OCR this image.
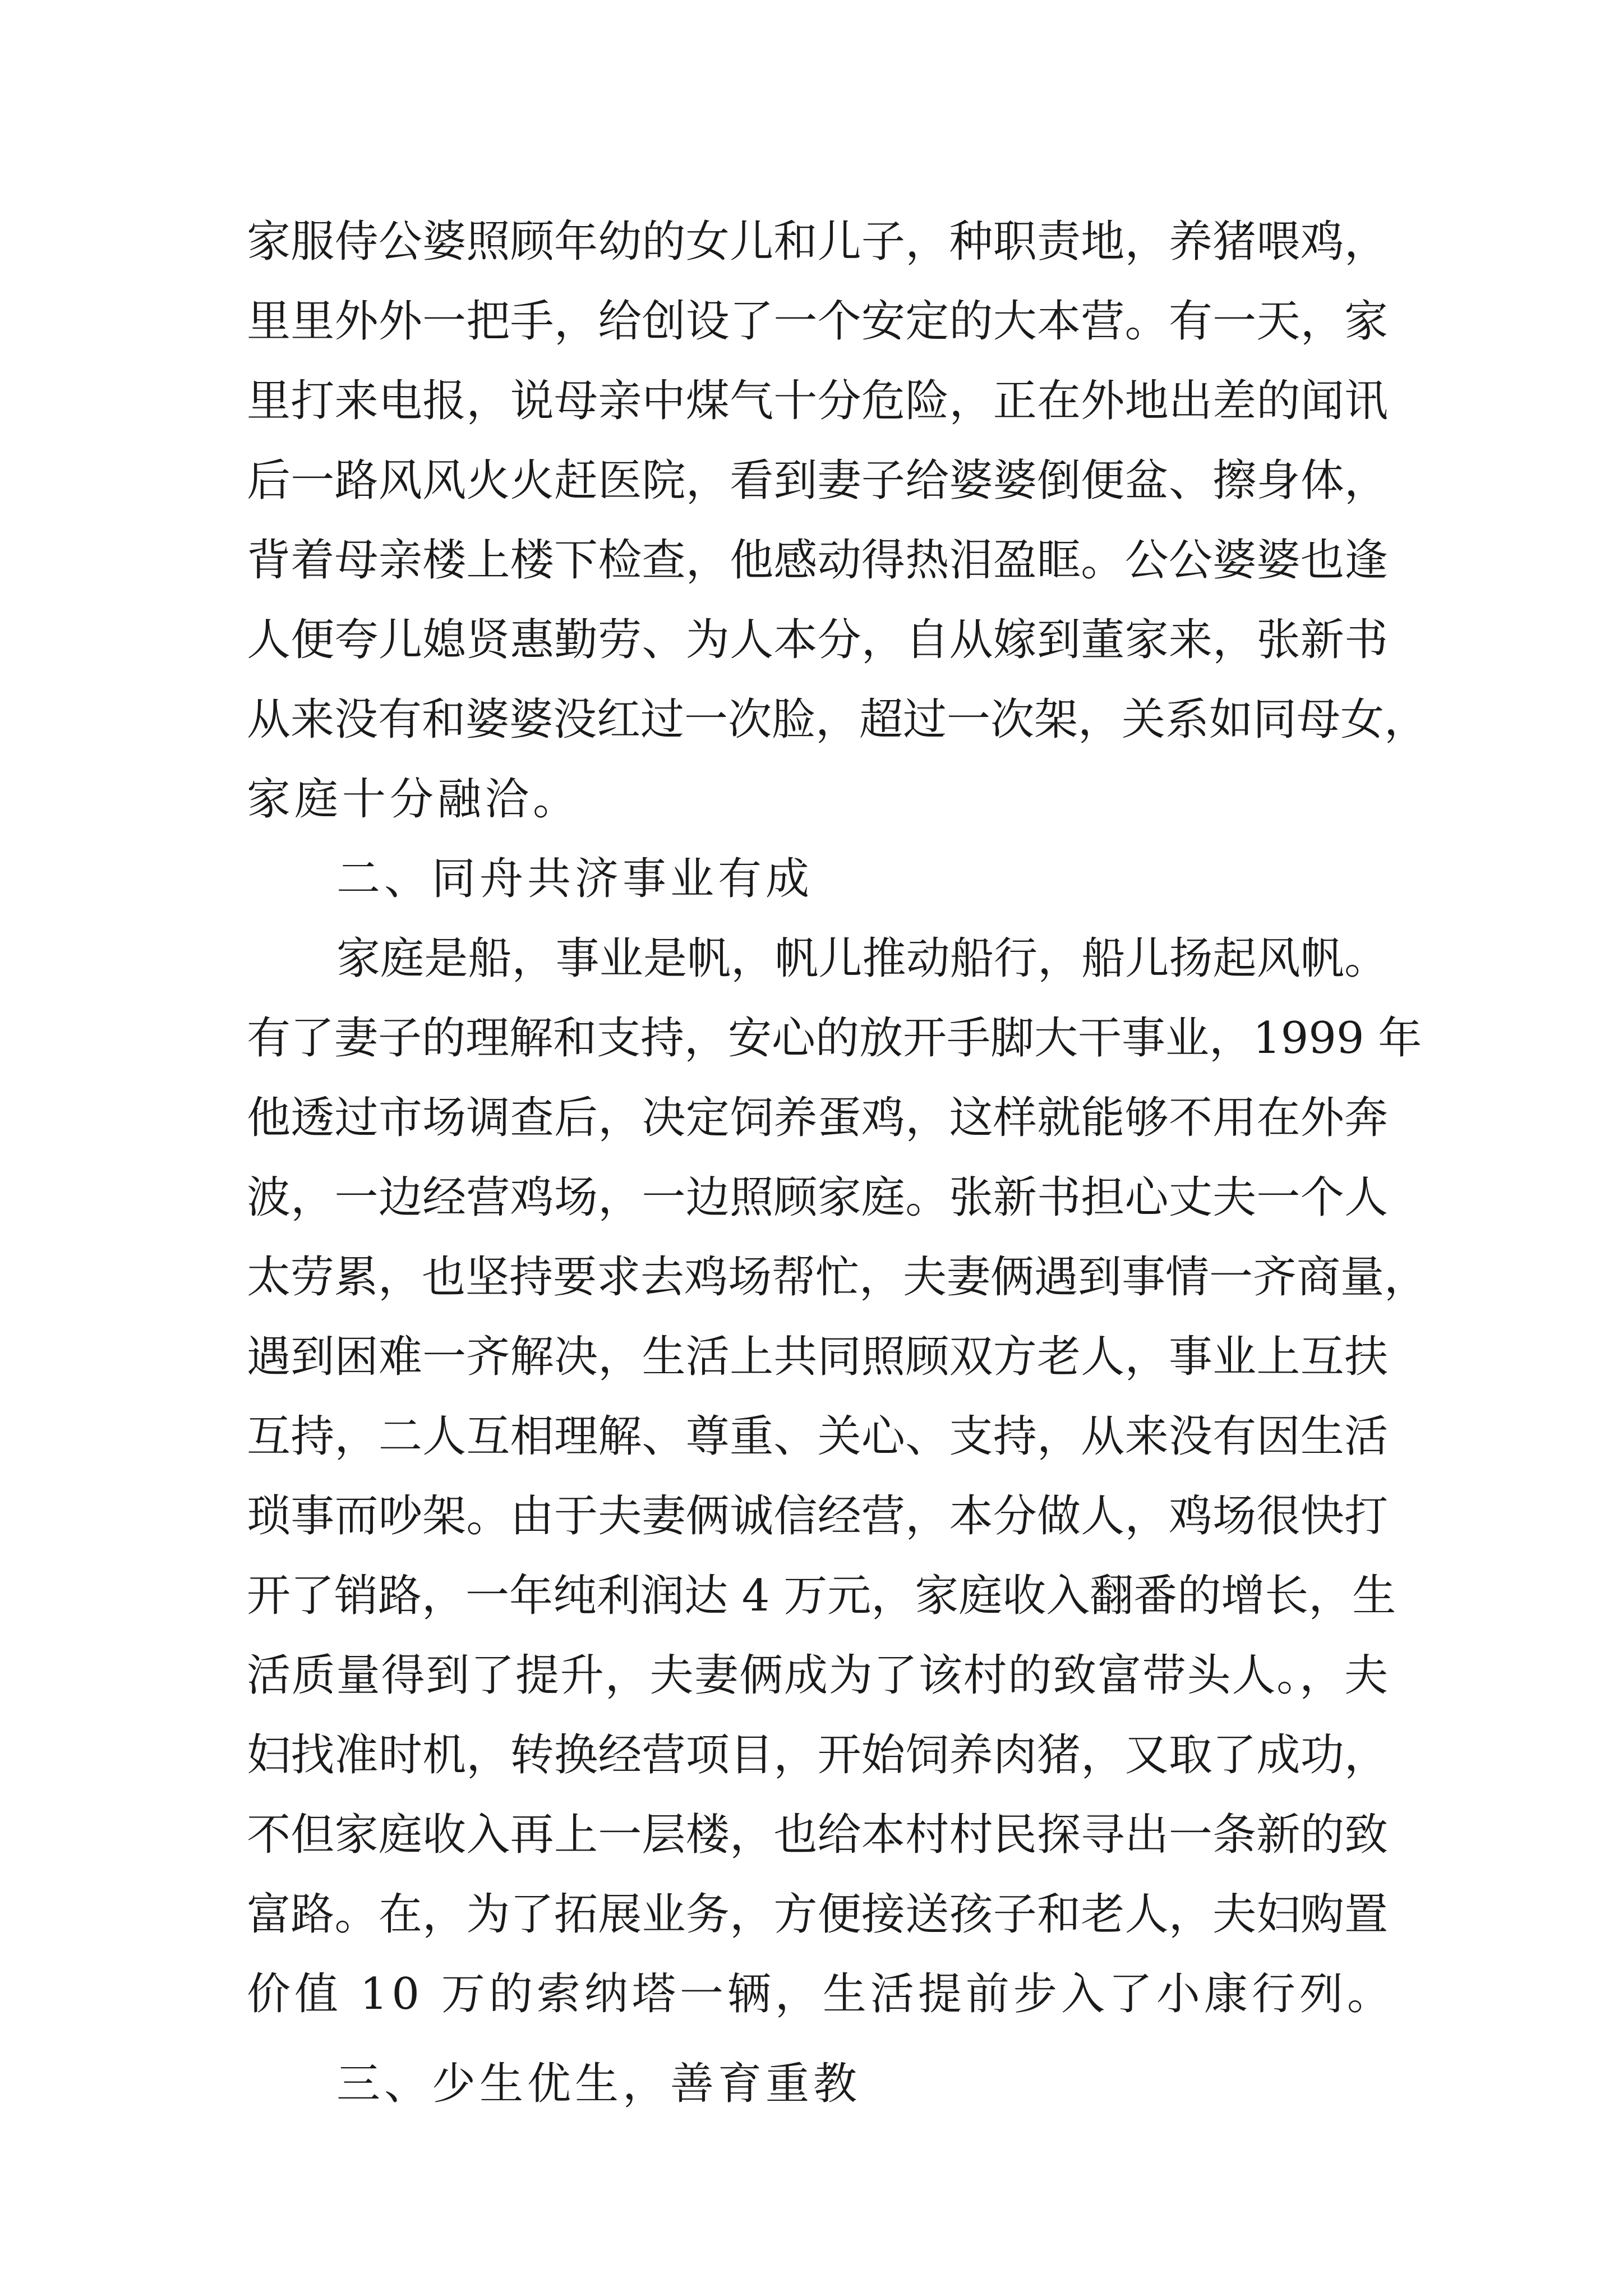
家服侍公婆照顾年幼的女儿和儿子，种职责地，养猪喂鸡，
里里外外一把手，给创设了一个安定的大本营。有一天，家
里打来电报，说母亲中煤气十分危险，正在外地出差的闻讯
后一路风风火火赶医院，看到妻子给婆婆倒便盆、擦身体，
背着母亲楼上楼下检查，他感动得热泪盈眶。公公婆婆也逢
人便夸儿媳贤惠勤劳、为人本分，自从嫁到董家来，张新书
从来没有和婆婆没红过一次脸，超过一次架，关系如同母女，
家庭十分融洽。
二、同舟共济事业有成
家庭是船，事业是帆，帆儿推动船行，船儿扬起风帆。
有了妻子的理解和支持，安心的放开手脚大干事业，1999 年
他透过市场调查后，决定饲养蛋鸡，这样就能够不用在外奔
波，一边经营鸡场，一边照顾家庭。张新书担心丈夫一个人
太劳累，也坚持要求去鸡场帮忙，夫妻俩遇到事情一齐商量，
遇到困难一齐解决，生活上共同照顾双方老人，事业上互扶
互持，二人互相理解、尊重、关心、支持，从来没有因生活
琐事而吵架。由于夫妻俩诚信经营，本分做人，鸡场很快打
开了销路，一年纯利润达 4 万元，家庭收入翻番的增长，生
活质量得到了提升，夫妻俩成为了该村的致富带头人。，夫
妇找准时机，转换经营项目，开始饲养肉猪，又取了成功，
不但家庭收入再上一层楼，也给本村村民探寻出一条新的致
富路。在，为了拓展业务，方便接送孩子和老人，夫妇购置
价值 10 万的索纳塔一辆，生活提前步入了小康行列。
三、少生优生，善育重教
